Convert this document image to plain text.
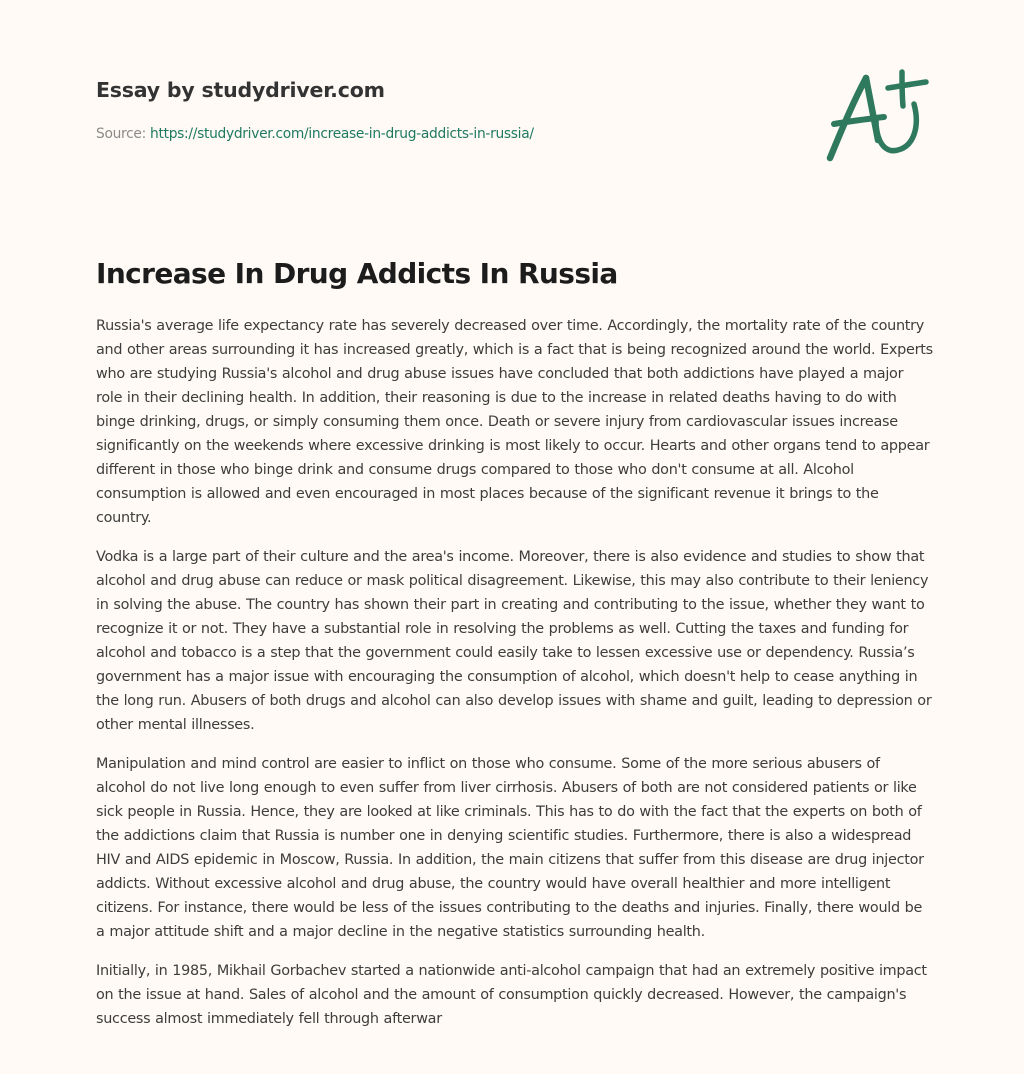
Essay by studydriver.com
Source: https://studydriver.com/increase-in-drug-addicts-in-russia/
Increase In Drug Addicts In Russia

Russia's average life expectancy rate has severely decreased over time. Accordingly, the mortality rate of the country and other areas surrounding it has increased greatly, which is a fact that is being recognized around the world. Experts who are studying Russia's alcohol and drug abuse issues have concluded that both addictions have played a major role in their declining health. In addition, their reasoning is due to the increase in related deaths having to do with binge drinking, drugs, or simply consuming them once. Death or severe injury from cardiovascular issues increase significantly on the weekends where excessive drinking is most likely to occur. Hearts and other organs tend to appear different in those who binge drink and consume drugs compared to those who don't consume at all. Alcohol consumption is allowed and even encouraged in most places because of the significant revenue it brings to the country.

Vodka is a large part of their culture and the area's income. Moreover, there is also evidence and studies to show that alcohol and drug abuse can reduce or mask political disagreement. Likewise, this may also contribute to their leniency in solving the abuse. The country has shown their part in creating and contributing to the issue, whether they want to recognize it or not. They have a substantial role in resolving the problems as well. Cutting the taxes and funding for alcohol and tobacco is a step that the government could easily take to lessen excessive use or dependency. Russia’s government has a major issue with encouraging the consumption of alcohol, which doesn't help to cease anything in the long run. Abusers of both drugs and alcohol can also develop issues with shame and guilt, leading to depression or other mental illnesses.

Manipulation and mind control are easier to inflict on those who consume. Some of the more serious abusers of alcohol do not live long enough to even suffer from liver cirrhosis. Abusers of both are not considered patients or like sick people in Russia. Hence, they are looked at like criminals. This has to do with the fact that the experts on both of the addictions claim that Russia is number one in denying scientific studies. Furthermore, there is also a widespread HIV and AIDS epidemic in Moscow, Russia. In addition, the main citizens that suffer from this disease are drug injector addicts. Without excessive alcohol and drug abuse, the country would have overall healthier and more intelligent citizens. For instance, there would be less of the issues contributing to the deaths and injuries. Finally, there would be a major attitude shift and a major decline in the negative statistics surrounding health.

Initially, in 1985, Mikhail Gorbachev started a nationwide anti-alcohol campaign that had an extremely positive impact on the issue at hand. Sales of alcohol and the amount of consumption quickly decreased. However, the campaign's success almost immediately fell through afterwar
